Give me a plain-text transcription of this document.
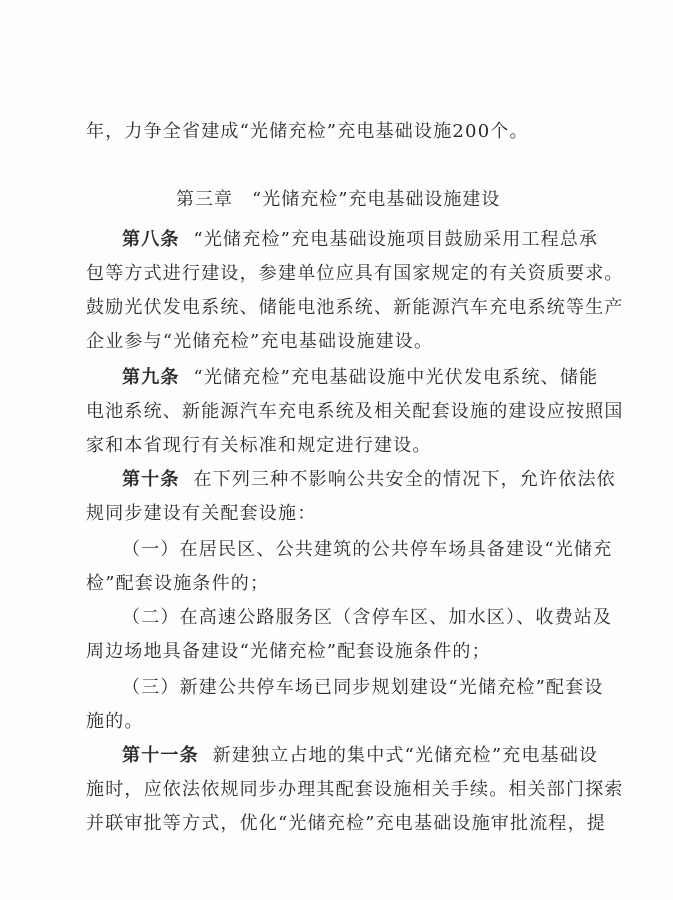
年，力争全省建成“光储充检”充电基础设施200个。
第三章　“光储充检”充电基础设施建设
第八条 “光储充检”充电基础设施项目鼓励采用工程总承
包等方式进行建设，参建单位应具有国家规定的有关资质要求。
鼓励光伏发电系统、储能电池系统、新能源汽车充电系统等生产
企业参与“光储充检”充电基础设施建设。
第九条 “光储充检”充电基础设施中光伏发电系统、储能
电池系统、新能源汽车充电系统及相关配套设施的建设应按照国
家和本省现行有关标准和规定进行建设。
第十条 在下列三种不影响公共安全的情况下，允许依法依
规同步建设有关配套设施：
（一）在居民区、公共建筑的公共停车场具备建设“光储充
检”配套设施条件的；
（二）在高速公路服务区（含停车区、加水区）、收费站及
周边场地具备建设“光储充检”配套设施条件的；
（三）新建公共停车场已同步规划建设“光储充检”配套设
施的。
第十一条 新建独立占地的集中式“光储充检”充电基础设
施时，应依法依规同步办理其配套设施相关手续。相关部门探索
并联审批等方式，优化“光储充检”充电基础设施审批流程，提
